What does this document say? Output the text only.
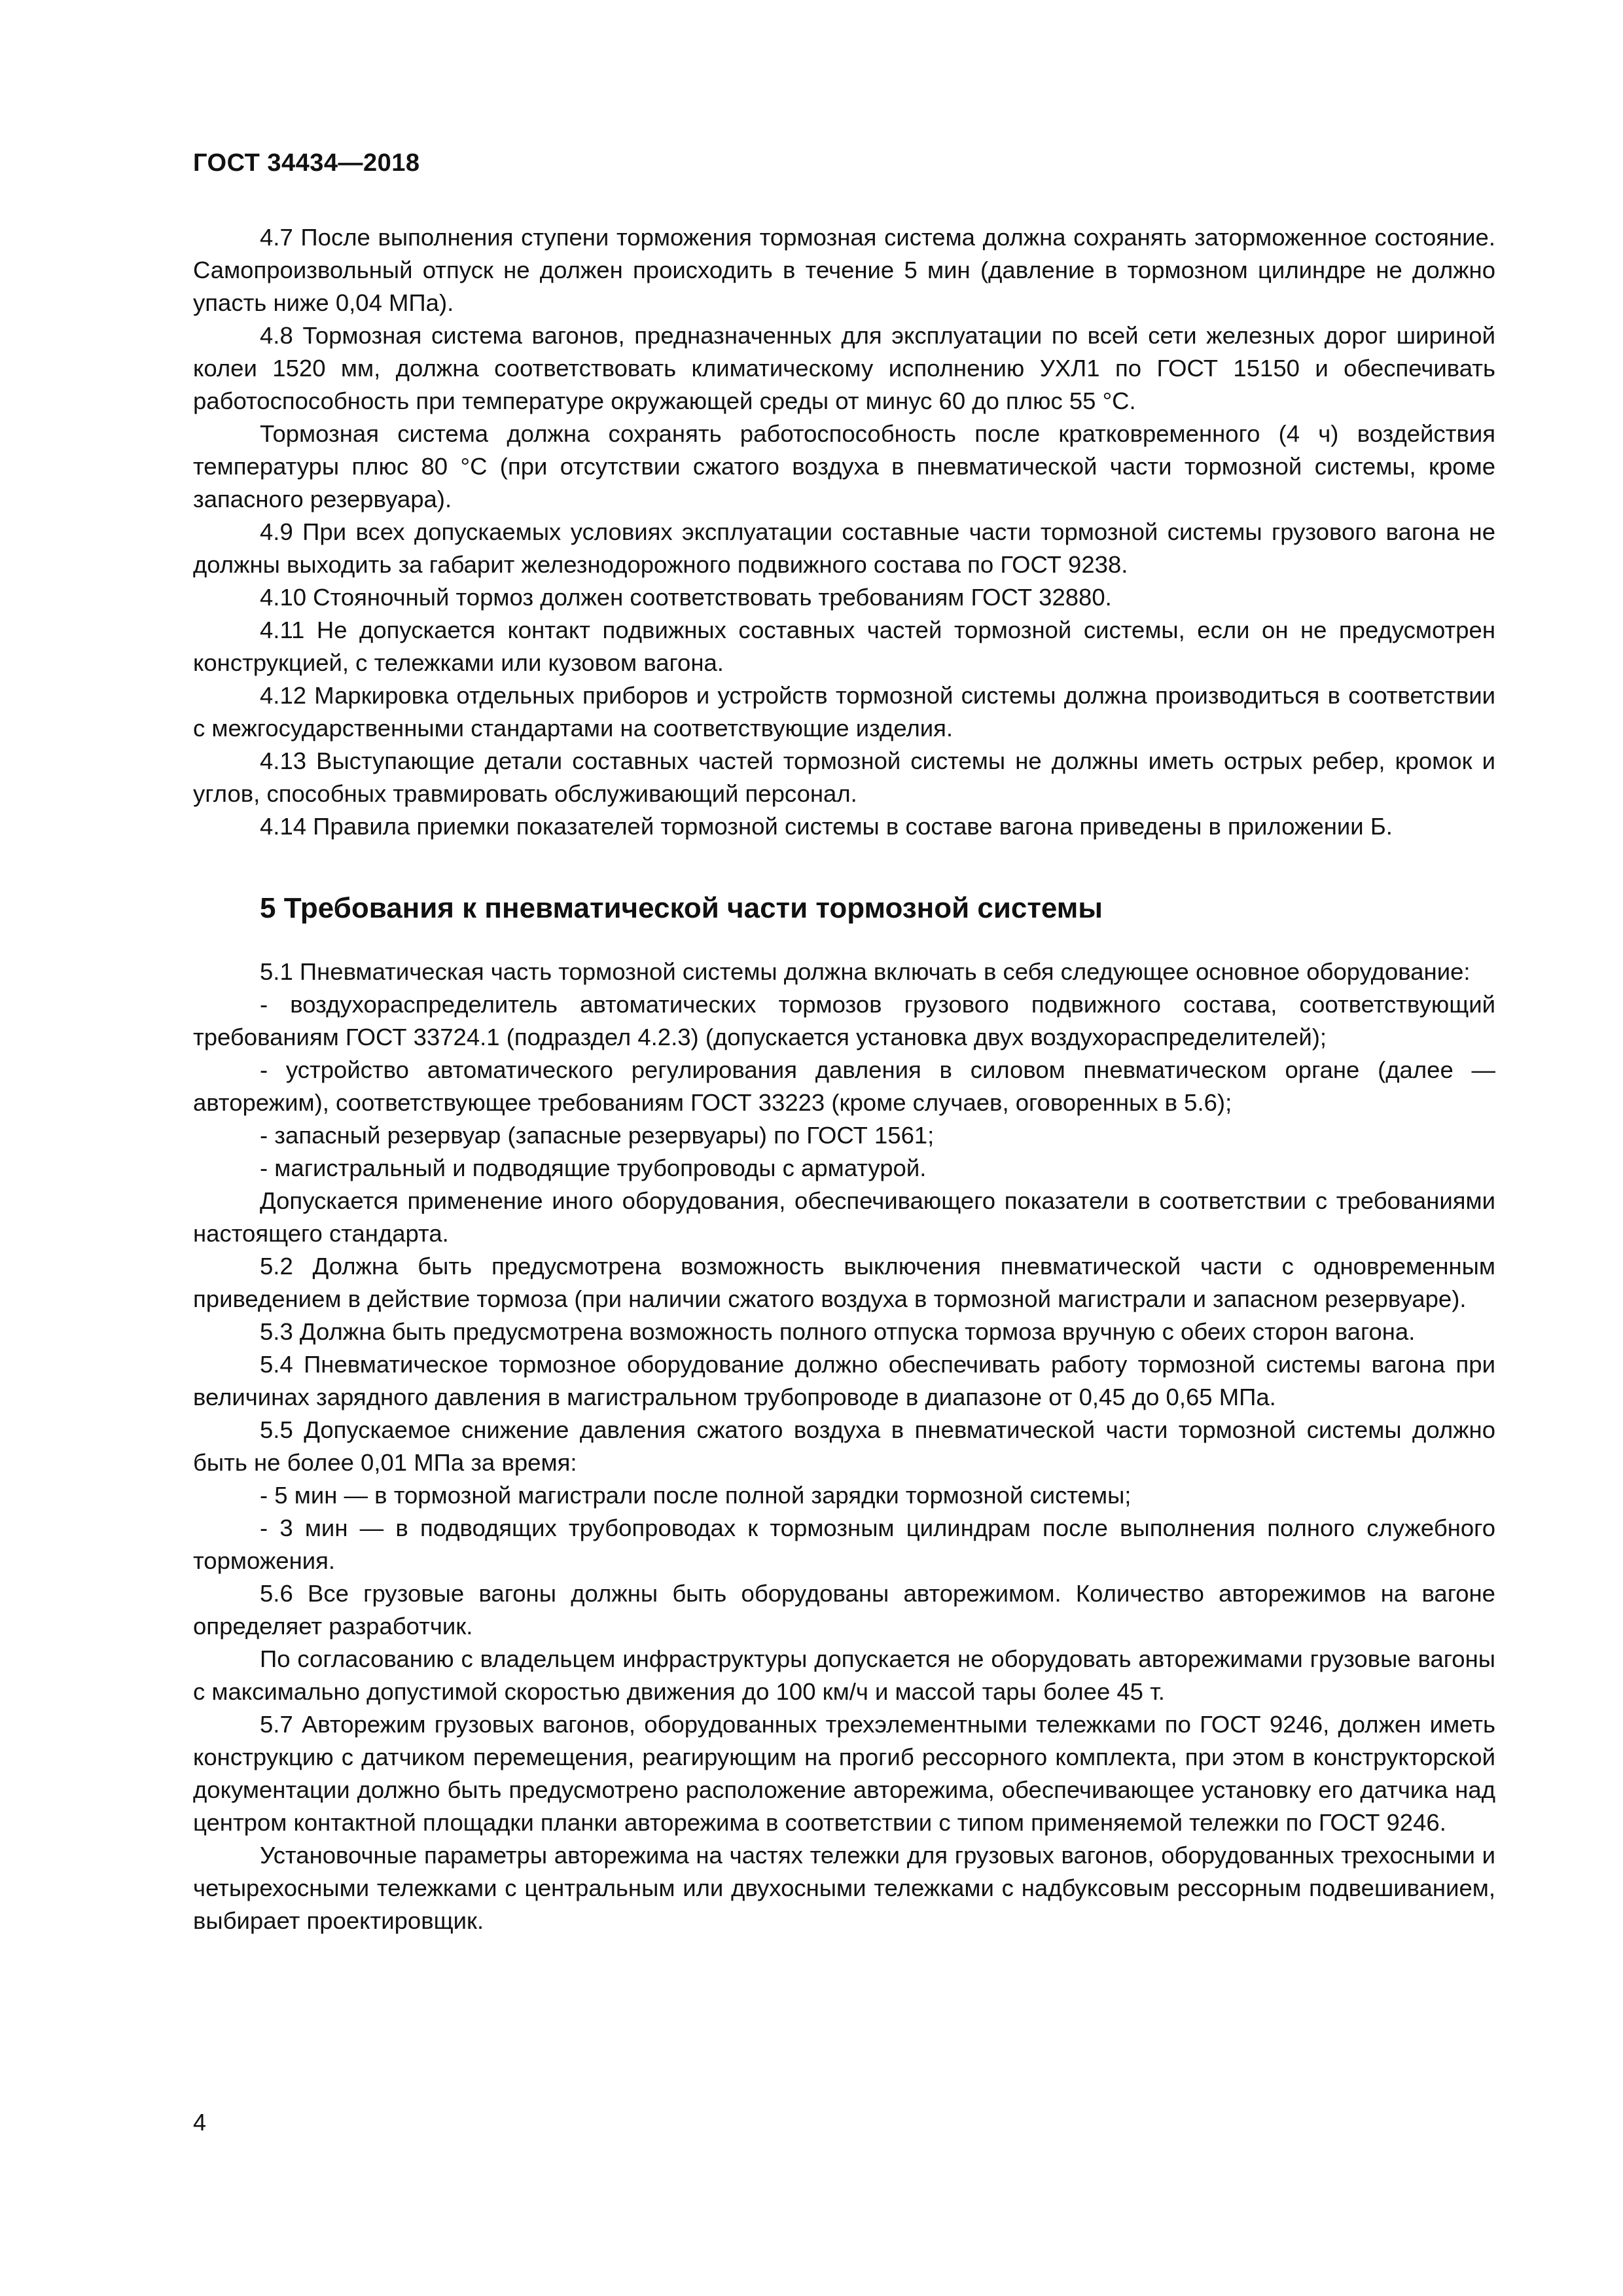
ГОСТ 34434—2018

4.7 После выполнения ступени торможения тормозная система должна сохранять заторможенное состояние. Самопроизвольный отпуск не должен происходить в течение 5 мин (давление в тормозном цилиндре не должно упасть ниже 0,04 МПа).

4.8 Тормозная система вагонов, предназначенных для эксплуатации по всей сети железных дорог шириной колеи 1520 мм, должна соответствовать климатическому исполнению УХЛ1 по ГОСТ 15150 и обеспечивать работоспособность при температуре окружающей среды от минус 60 до плюс 55 °С.

Тормозная система должна сохранять работоспособность после кратковременного (4 ч) воздействия температуры плюс 80 °С (при отсутствии сжатого воздуха в пневматической части тормозной системы, кроме запасного резервуара).

4.9 При всех допускаемых условиях эксплуатации составные части тормозной системы грузового вагона не должны выходить за габарит железнодорожного подвижного состава по ГОСТ 9238.

4.10 Стояночный тормоз должен соответствовать требованиям ГОСТ 32880.

4.11 Не допускается контакт подвижных составных частей тормозной системы, если он не предусмотрен конструкцией, с тележками или кузовом вагона.

4.12 Маркировка отдельных приборов и устройств тормозной системы должна производиться в соответствии с межгосударственными стандартами на соответствующие изделия.

4.13 Выступающие детали составных частей тормозной системы не должны иметь острых ребер, кромок и углов, способных травмировать обслуживающий персонал.

4.14 Правила приемки показателей тормозной системы в составе вагона приведены в приложении Б.

5 Требования к пневматической части тормозной системы

5.1 Пневматическая часть тормозной системы должна включать в себя следующее основное оборудование:

- воздухораспределитель автоматических тормозов грузового подвижного состава, соответствующий требованиям ГОСТ 33724.1 (подраздел 4.2.3) (допускается установка двух воздухораспределителей);

- устройство автоматического регулирования давления в силовом пневматическом органе (далее — авторежим), соответствующее требованиям ГОСТ 33223 (кроме случаев, оговоренных в 5.6);

- запасный резервуар (запасные резервуары) по ГОСТ 1561;

- магистральный и подводящие трубопроводы с арматурой.

Допускается применение иного оборудования, обеспечивающего показатели в соответствии с требованиями настоящего стандарта.

5.2 Должна быть предусмотрена возможность выключения пневматической части с одновременным приведением в действие тормоза (при наличии сжатого воздуха в тормозной магистрали и запасном резервуаре).

5.3 Должна быть предусмотрена возможность полного отпуска тормоза вручную с обеих сторон вагона.

5.4 Пневматическое тормозное оборудование должно обеспечивать работу тормозной системы вагона при величинах зарядного давления в магистральном трубопроводе в диапазоне от 0,45 до 0,65 МПа.

5.5 Допускаемое снижение давления сжатого воздуха в пневматической части тормозной системы должно быть не более 0,01 МПа за время:

- 5 мин — в тормозной магистрали после полной зарядки тормозной системы;

- 3 мин — в подводящих трубопроводах к тормозным цилиндрам после выполнения полного служебного торможения.

5.6 Все грузовые вагоны должны быть оборудованы авторежимом. Количество авторежимов на вагоне определяет разработчик.

По согласованию с владельцем инфраструктуры допускается не оборудовать авторежимами грузовые вагоны с максимально допустимой скоростью движения до 100 км/ч и массой тары более 45 т.

5.7 Авторежим грузовых вагонов, оборудованных трехэлементными тележками по ГОСТ 9246, должен иметь конструкцию с датчиком перемещения, реагирующим на прогиб рессорного комплекта, при этом в конструкторской документации должно быть предусмотрено расположение авторежима, обеспечивающее установку его датчика над центром контактной площадки планки авторежима в соответствии с типом применяемой тележки по ГОСТ 9246.

Установочные параметры авторежима на частях тележки для грузовых вагонов, оборудованных трехосными и четырехосными тележками с центральным или двухосными тележками с надбуксовым рессорным подвешиванием, выбирает проектировщик.

4
